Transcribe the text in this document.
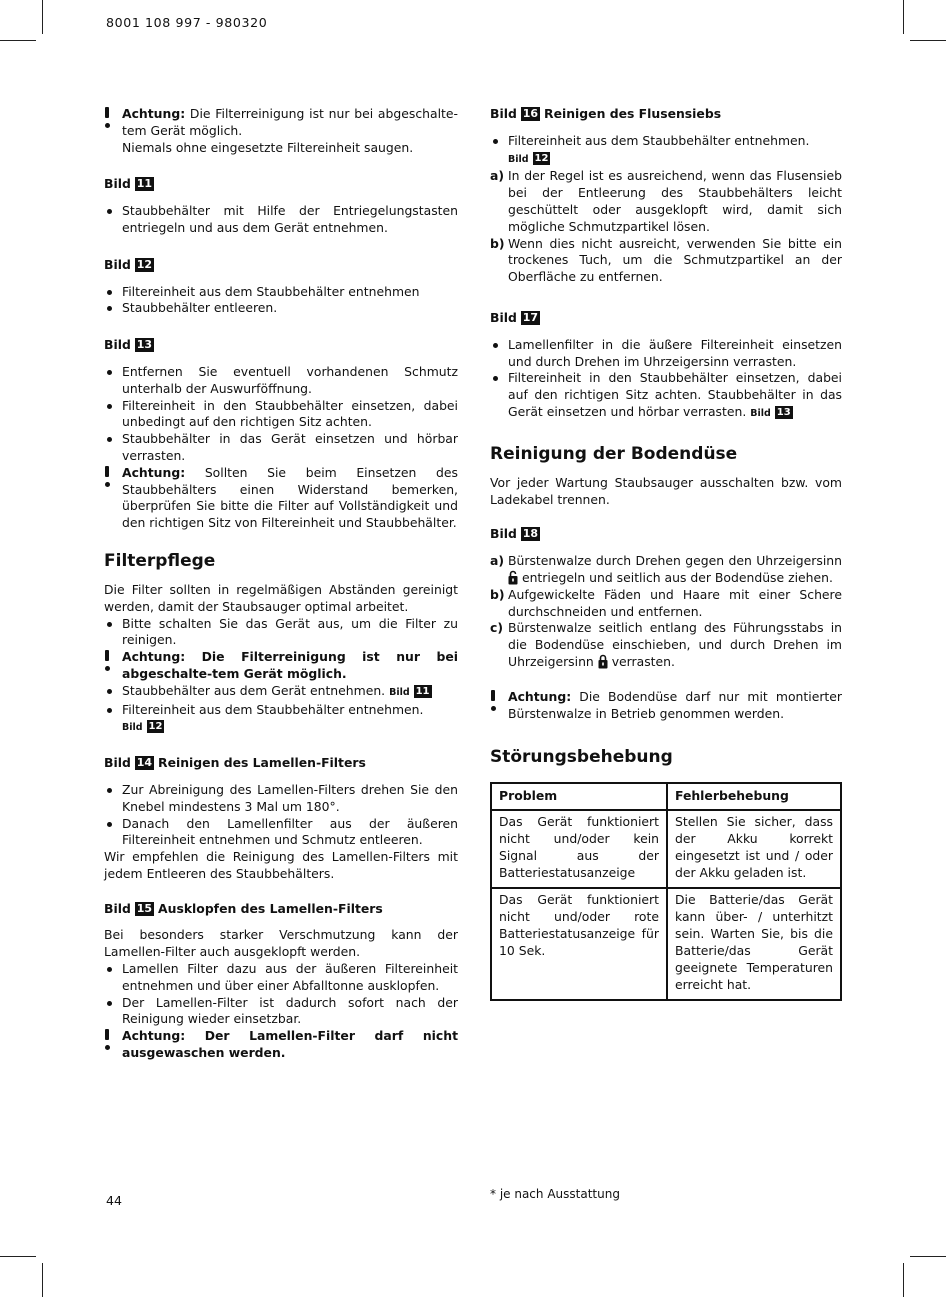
8001 108 997 - 980320
Achtung: Die Filterreinigung ist nur bei abgeschalte-tem Gerät möglich.
Niemals ohne eingesetzte Filtereinheit saugen.
Bild 11
Staubbehälter mit Hilfe der Entriegelungstasten entriegeln und aus dem Gerät entnehmen.
Bild 12
Filtereinheit aus dem Staubbehälter entnehmen
Staubbehälter entleeren.
Bild 13
Entfernen Sie eventuell vorhandenen Schmutz unterhalb der Auswurföffnung.
Filtereinheit in den Staubbehälter einsetzen, dabei unbedingt auf den richtigen Sitz achten.
Staubbehälter in das Gerät einsetzen und hörbar verrasten.
Achtung: Sollten Sie beim Einsetzen des Staubbehälters einen Widerstand bemerken, überprüfen Sie bitte die Filter auf Vollständigkeit und den richtigen Sitz von Filtereinheit und Staubbehälter.
Filterpflege

Die Filter sollten in regelmäßigen Abständen gereinigt werden, damit der Staubsauger optimal arbeitet.

Bitte schalten Sie das Gerät aus, um die Filter zu reinigen.
Achtung: Die Filterreinigung ist nur bei abgeschalte-tem Gerät möglich.
Staubbehälter aus dem Gerät entnehmen. Bild 11
Filtereinheit aus dem Staubbehälter entnehmen.
Bild 12
Bild 14 Reinigen des Lamellen-Filters
Zur Abreinigung des Lamellen-Filters drehen Sie den Knebel mindestens 3 Mal um 180°.
Danach den Lamellenfilter aus der äußeren Filtereinheit entnehmen und Schmutz entleeren.

Wir empfehlen die Reinigung des Lamellen-Filters mit jedem Entleeren des Staubbehälters.

Bild 15 Ausklopfen des Lamellen-Filters

Bei besonders starker Verschmutzung kann der Lamellen-Filter auch ausgeklopft werden.

Lamellen Filter dazu aus der äußeren Filtereinheit entnehmen und über einer Abfalltonne ausklopfen.
Der Lamellen-Filter ist dadurch sofort nach der Reinigung wieder einsetzbar.
Achtung: Der Lamellen-Filter darf nicht ausgewaschen werden.
Bild 16 Reinigen des Flusensiebs
Filtereinheit aus dem Staubbehälter entnehmen.
Bild 12
a) In der Regel ist es ausreichend, wenn das Flusensieb bei der Entleerung des Staubbehälters leicht geschüttelt oder ausgeklopft wird, damit sich mögliche Schmutzpartikel lösen.
b) Wenn dies nicht ausreicht, verwenden Sie bitte ein trockenes Tuch, um die Schmutzpartikel an der Oberfläche zu entfernen.
Bild 17
Lamellenfilter in die äußere Filtereinheit einsetzen und durch Drehen im Uhrzeigersinn verrasten.
Filtereinheit in den Staubbehälter einsetzen, dabei auf den richtigen Sitz achten. Staubbehälter in das Gerät einsetzen und hörbar verrasten. Bild 13
Reinigung der Bodendüse

Vor jeder Wartung Staubsauger ausschalten bzw. vom Ladekabel trennen.

Bild 18
a) Bürstenwalze durch Drehen gegen den Uhrzeigersinn  entriegeln und seitlich aus der Bodendüse ziehen.
b) Aufgewickelte Fäden und Haare mit einer Schere durchschneiden und entfernen.
c) Bürstenwalze seitlich entlang des Führungsstabs in die Bodendüse einschieben, und durch Drehen im Uhrzeigersinn verrasten.
Achtung: Die Bodendüse darf nur mit montierter Bürstenwalze in Betrieb genommen werden.
Störungsbehebung
Problem	Fehlerbehebung
Das Gerät funktioniert nicht und/oder kein Signal aus der Batteriestatusanzeige	Stellen Sie sicher, dass der Akku korrekt eingesetzt ist und / oder der Akku geladen ist.
Das Gerät funktioniert nicht und/oder rote Batteriestatusanzeige für 10 Sek.	Die Batterie/das Gerät kann über- / unterhitzt sein. Warten Sie, bis die Batterie/das Gerät geeignete Temperaturen erreicht hat.
44	* je nach Ausstattung
